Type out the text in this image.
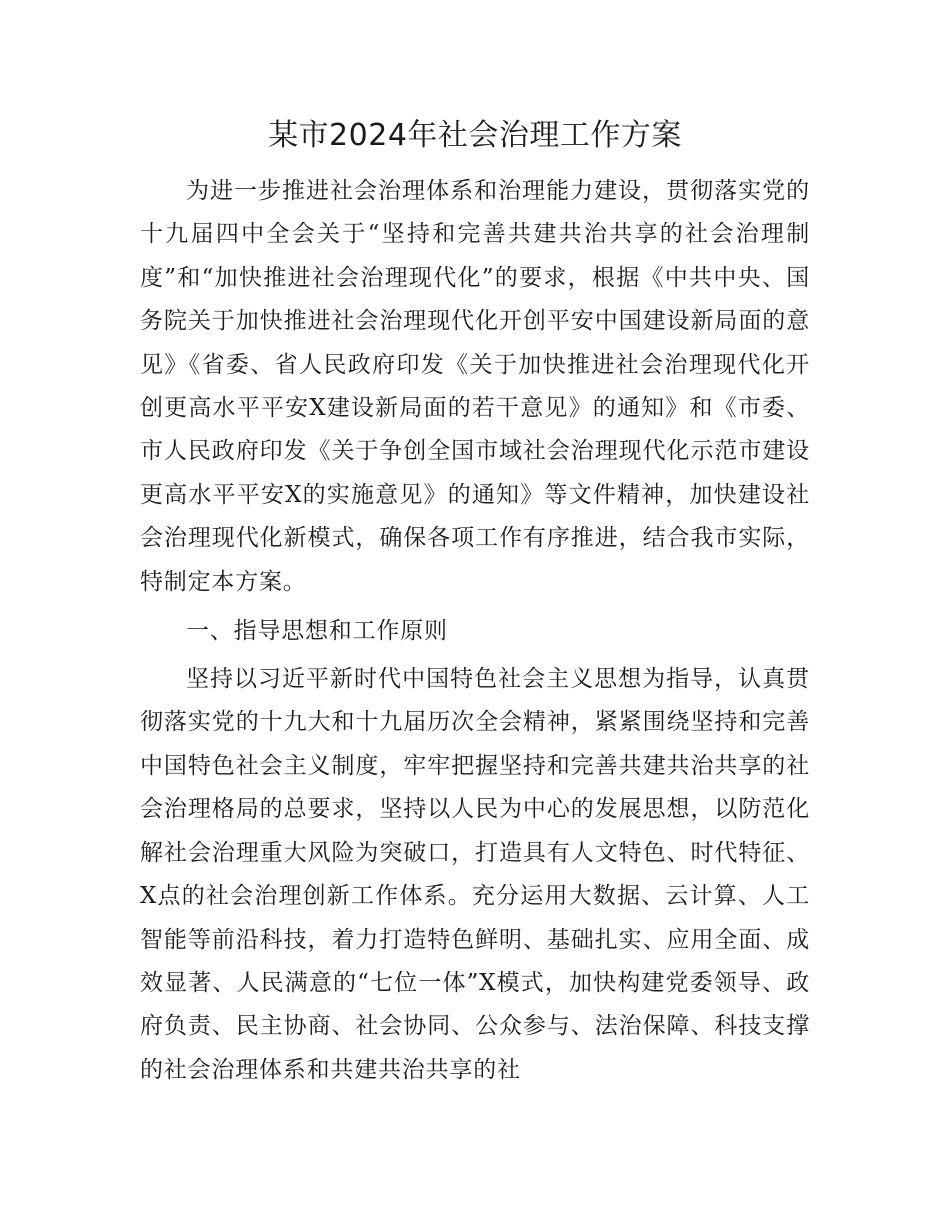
某市2024年社会治理工作方案

为进一步推进社会治理体系和治理能力建设，贯彻落实党的十九届四中全会关于“坚持和完善共建共治共享的社会治理制度”和“加快推进社会治理现代化”的要求，根据《中共中央、国务院关于加快推进社会治理现代化开创平安中国建设新局面的意见》《省委、省人民政府印发《关于加快推进社会治理现代化开创更高水平平安X建设新局面的若干意见》的通知》和《市委、市人民政府印发《关于争创全国市域社会治理现代化示范市建设更高水平平安X的实施意见》的通知》等文件精神，加快建设社会治理现代化新模式，确保各项工作有序推进，结合我市实际，特制定本方案。

一、指导思想和工作原则

坚持以习近平新时代中国特色社会主义思想为指导，认真贯彻落实党的十九大和十九届历次全会精神，紧紧围绕坚持和完善中国特色社会主义制度，牢牢把握坚持和完善共建共治共享的社会治理格局的总要求，坚持以人民为中心的发展思想，以防范化解社会治理重大风险为突破口，打造具有人文特色、时代特征、X点的社会治理创新工作体系。充分运用大数据、云计算、人工智能等前沿科技，着力打造特色鲜明、基础扎实、应用全面、成效显著、人民满意的“七位一体”X模式，加快构建党委领导、政府负责、民主协商、社会协同、公众参与、法治保障、科技支撑的社会治理体系和共建共治共享的社
